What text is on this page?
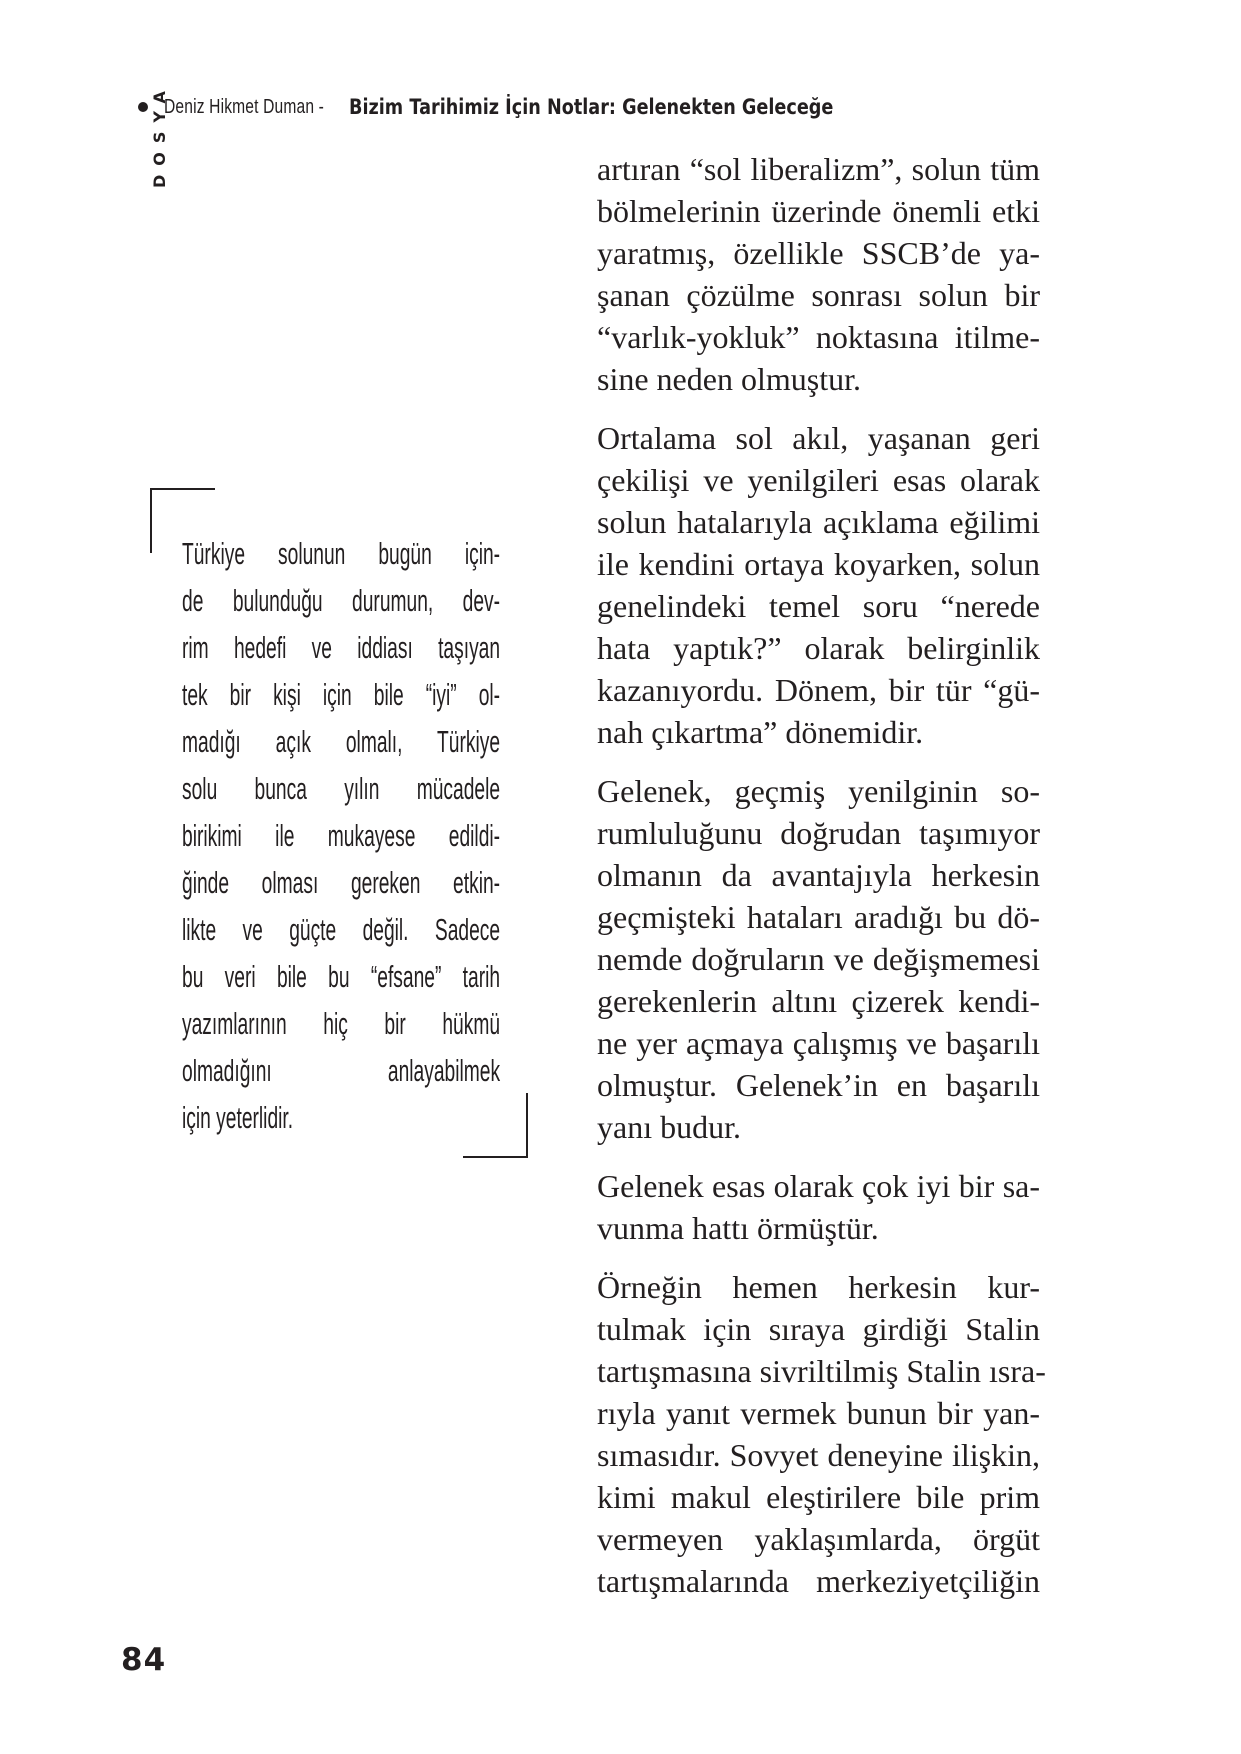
Deniz Hikmet Duman - Bizim Tarihimiz İçin Notlar: Gelenekten Geleceğe
DOSYA
Türkiye solunun bugün için-
de bulunduğu durumun, dev-
rim hedefi ve iddiası taşıyan
tek bir kişi için bile “iyi” ol-
madığı açık olmalı, Türkiye
solu bunca yılın mücadele
birikimi ile mukayese edildi-
ğinde olması gereken etkin-
likte ve güçte değil. Sadece
bu veri bile bu “efsane” tarih
yazımlarının hiç bir hükmü
olmadığını anlayabilmek
için yeterlidir.
artıran “sol liberalizm”, solun tüm
bölmelerinin üzerinde önemli etki
yaratmış, özellikle SSCB’de ya-
şanan çözülme sonrası solun bir
“varlık-yokluk” noktasına itilme-
sine neden olmuştur.
Ortalama sol akıl, yaşanan geri
çekilişi ve yenilgileri esas olarak
solun hatalarıyla açıklama eğilimi
ile kendini ortaya koyarken, solun
genelindeki temel soru “nerede
hata yaptık?” olarak belirginlik
kazanıyordu. Dönem, bir tür “gü-
nah çıkartma” dönemidir.
Gelenek, geçmiş yenilginin so-
rumluluğunu doğrudan taşımıyor
olmanın da avantajıyla herkesin
geçmişteki hataları aradığı bu dö-
nemde doğruların ve değişmemesi
gerekenlerin altını çizerek kendi-
ne yer açmaya çalışmış ve başarılı
olmuştur. Gelenek’in en başarılı
yanı budur.
Gelenek esas olarak çok iyi bir sa-
vunma hattı örmüştür.
Örneğin hemen herkesin kur-
tulmak için sıraya girdiği Stalin
tartışmasına sivriltilmiş Stalin ısra-
rıyla yanıt vermek bunun bir yan-
sımasıdır. Sovyet deneyine ilişkin,
kimi makul eleştirilere bile prim
vermeyen yaklaşımlarda, örgüt
tartışmalarında merkeziyetçiliğin
84
